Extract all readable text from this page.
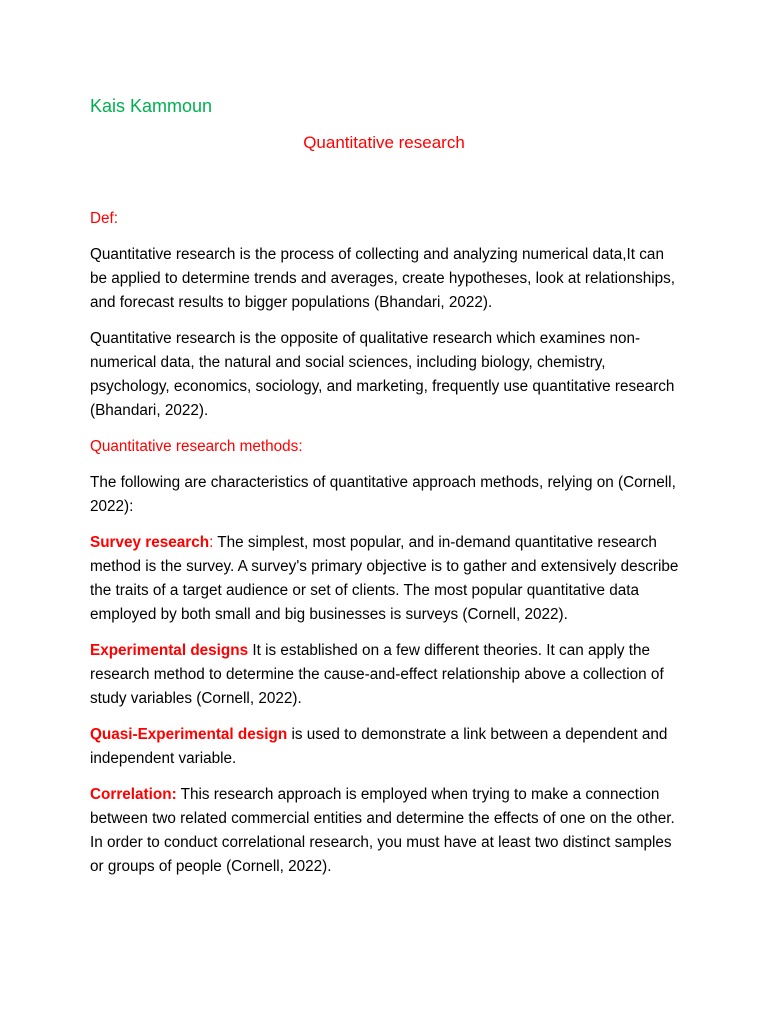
Kais Kammoun
Quantitative research

Def:

Quantitative research is the process of collecting and analyzing numerical data,It can be applied to determine trends and averages, create hypotheses, look at relationships, and forecast results to bigger populations (Bhandari, 2022).

Quantitative research is the opposite of qualitative research which examines non-numerical data, the natural and social sciences, including biology, chemistry, psychology, economics, sociology, and marketing, frequently use quantitative research (Bhandari, 2022).

Quantitative research methods:

The following are characteristics of quantitative approach methods, relying on (Cornell, 2022):

Survey research: The simplest, most popular, and in-demand quantitative research method is the survey. A survey's primary objective is to gather and extensively describe the traits of a target audience or set of clients. The most popular quantitative data employed by both small and big businesses is surveys (Cornell, 2022).

Experimental designs It is established on a few different theories. It can apply the research method to determine the cause-and-effect relationship above a collection of study variables (Cornell, 2022).

Quasi-Experimental design is used to demonstrate a link between a dependent and independent variable.

Correlation: This research approach is employed when trying to make a connection between two related commercial entities and determine the effects of one on the other. In order to conduct correlational research, you must have at least two distinct samples or groups of people (Cornell, 2022).
